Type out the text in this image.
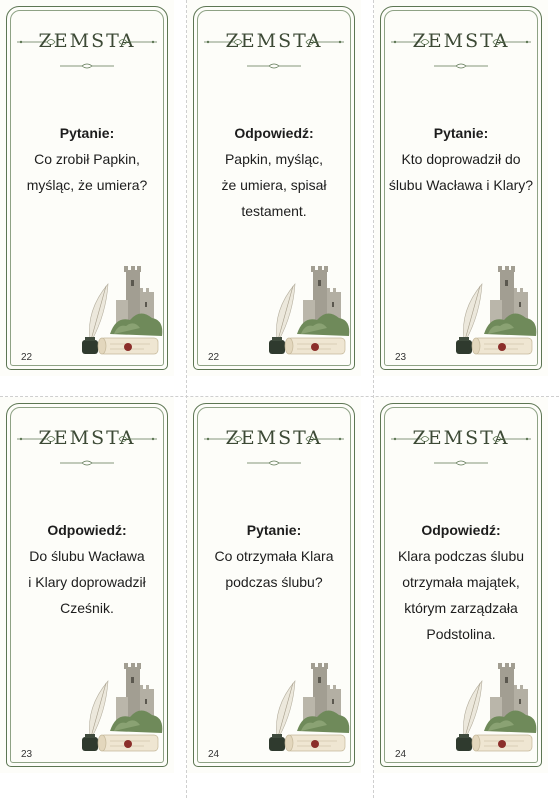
ZEMSTA
Pytanie:
Co zrobił Papkin,
myśląc, że umiera?
22
ZEMSTA
Odpowiedź:
Papkin, myśląc,
że umiera, spisał
testament.
22
ZEMSTA
Pytanie:
Kto doprowadził do
ślubu Wacława i Klary?
23
ZEMSTA
Odpowiedź:
Do ślubu Wacława
i Klary doprowadził
Cześnik.
23
ZEMSTA
Pytanie:
Co otrzymała Klara
podczas ślubu?
24
ZEMSTA
Odpowiedź:
Klara podczas ślubu
otrzymała majątek,
którym zarządzała
Podstolina.
24
